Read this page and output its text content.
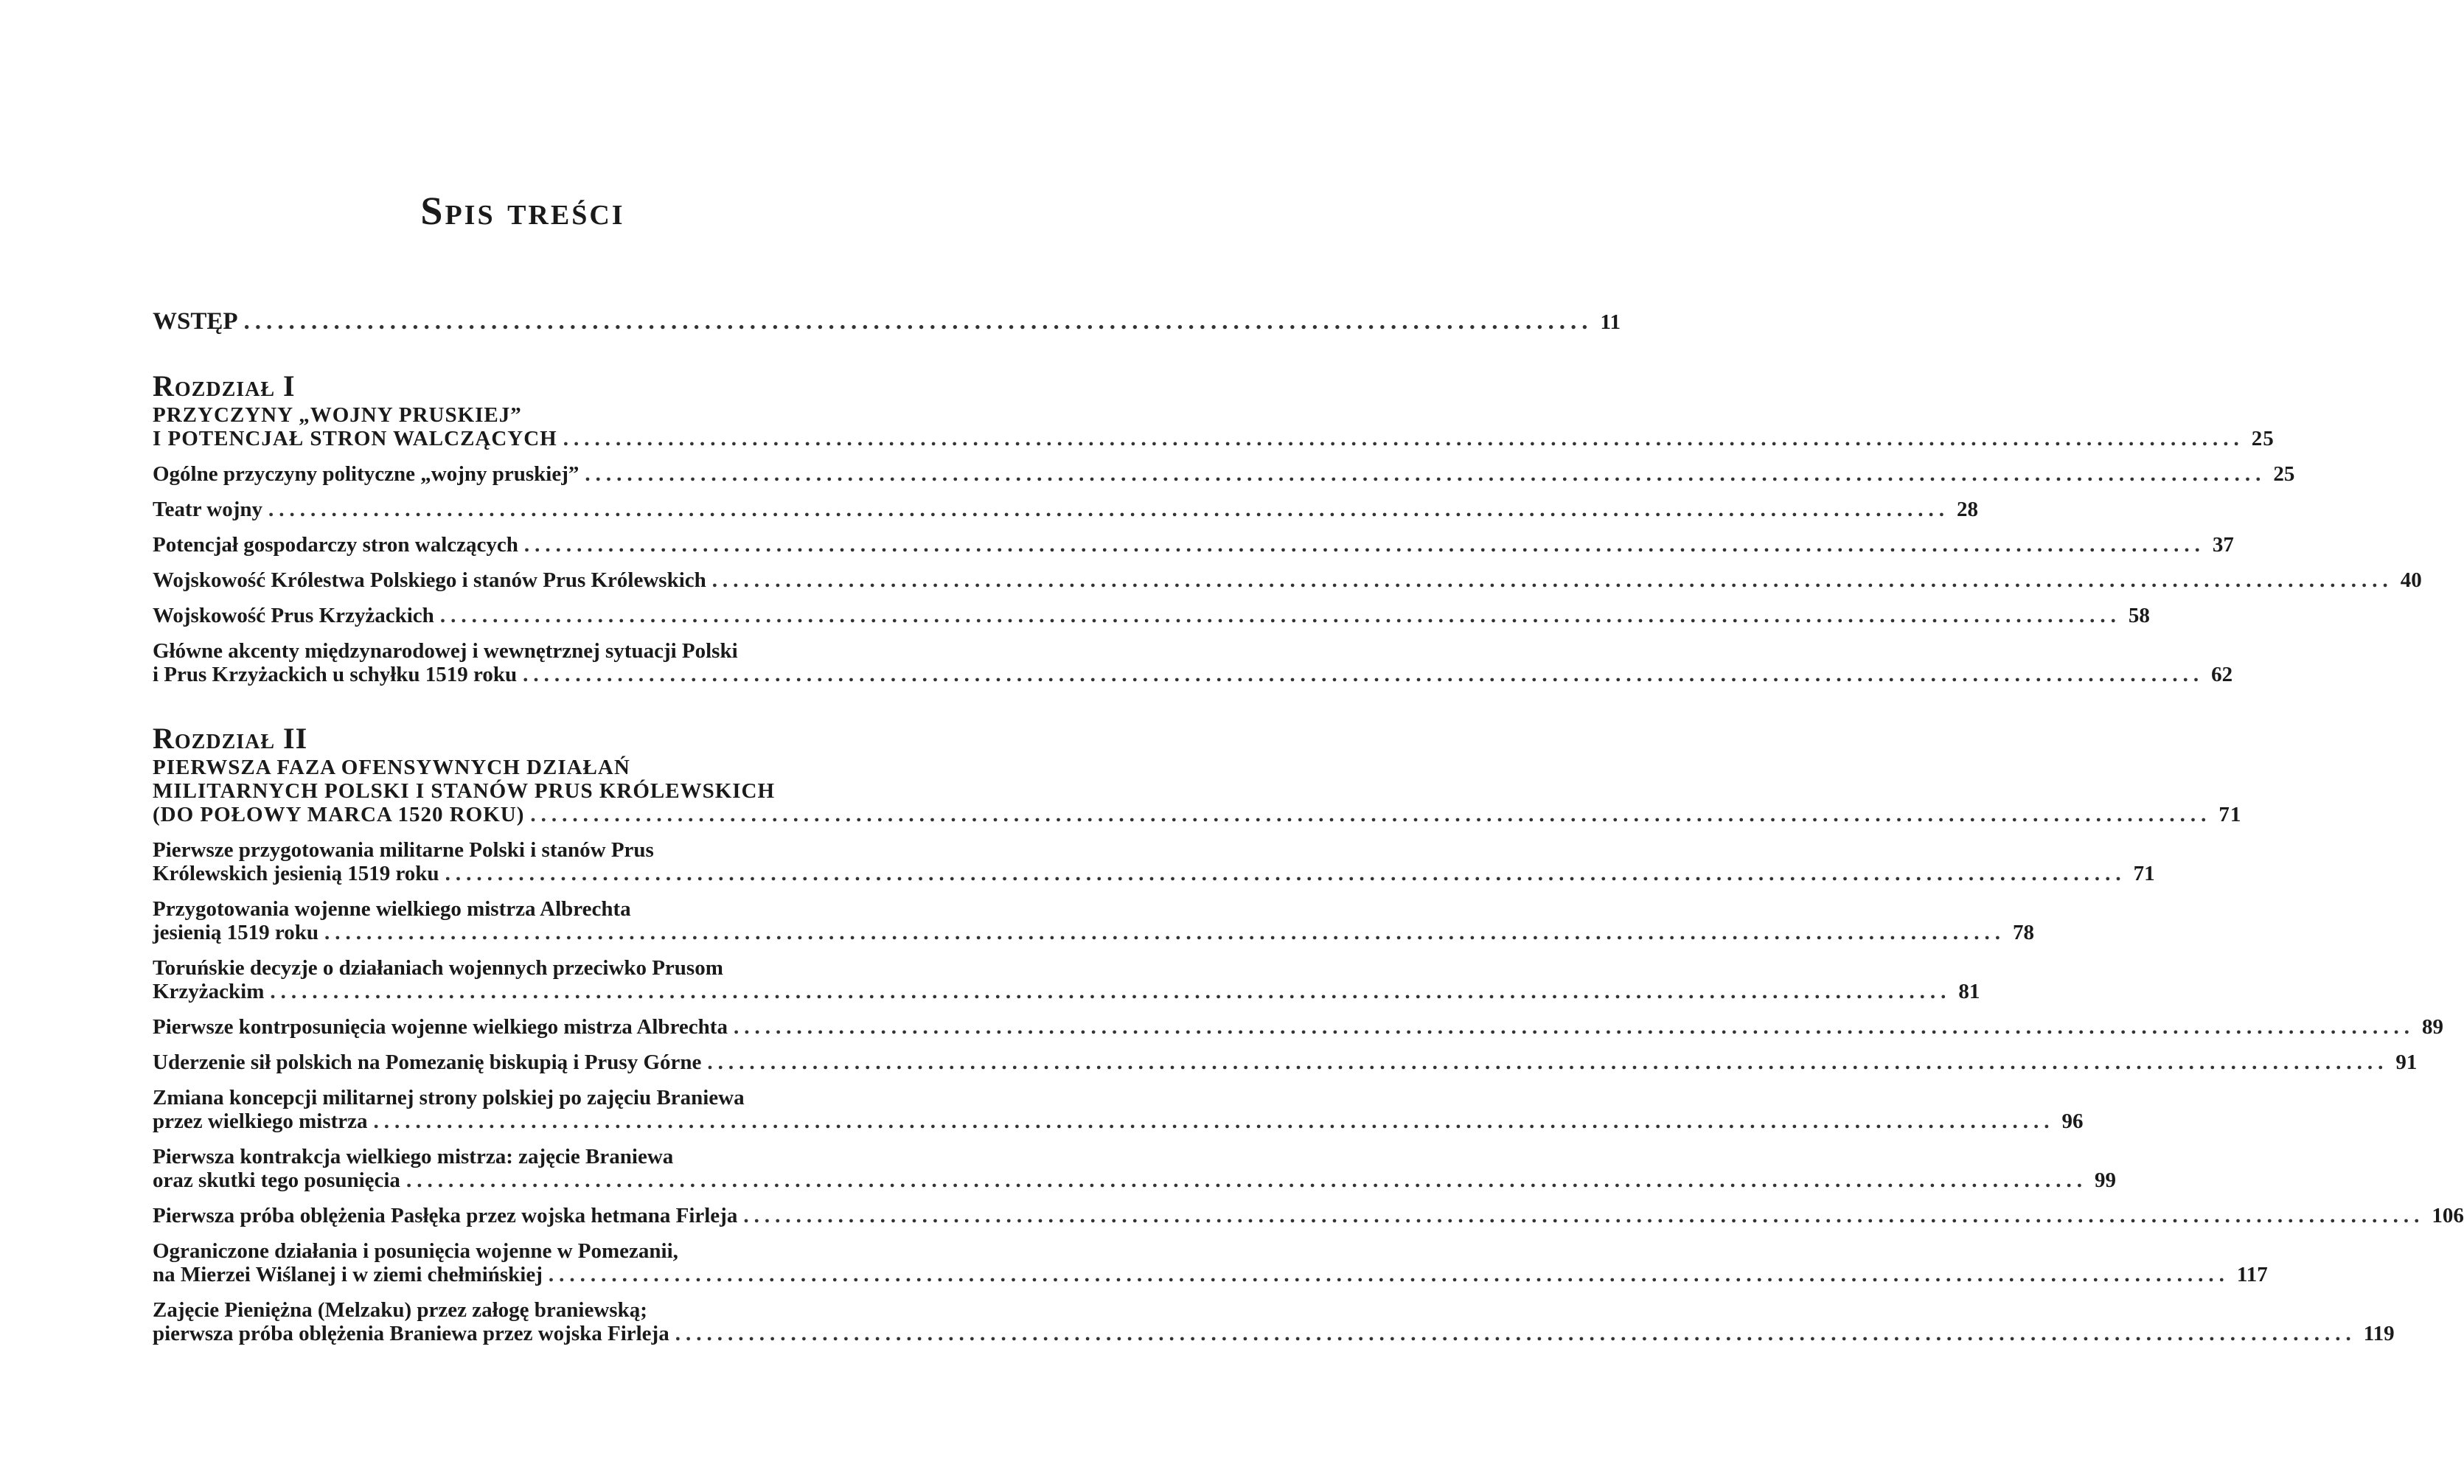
Spis treści
WSTĘP ........................................................................................................................ 11
Rozdział I
PRZYCZYNY „WOJNY PRUSKIEJ”
I POTENCJAŁ STRON WALCZĄCYCH ................................................................................................................................................................ 25
Ogólne przyczyny polityczne „wojny pruskiej” ................................................................................................................................................................ 25
Teatr wojny ................................................................................................................................................................ 28
Potencjał gospodarczy stron walczących ................................................................................................................................................................ 37
Wojskowość Królestwa Polskiego i stanów Prus Królewskich ................................................................................................................................................................ 40
Wojskowość Prus Krzyżackich ................................................................................................................................................................ 58
Główne akcenty międzynarodowej i wewnętrznej sytuacji Polski
i Prus Krzyżackich u schyłku 1519 roku ................................................................................................................................................................ 62
Rozdział II
PIERWSZA FAZA OFENSYWNYCH DZIAŁAŃ
MILITARNYCH POLSKI I STANÓW PRUS KRÓLEWSKICH
(DO POŁOWY MARCA 1520 ROKU) ................................................................................................................................................................ 71
Pierwsze przygotowania militarne Polski i stanów Prus
Królewskich jesienią 1519 roku ................................................................................................................................................................ 71
Przygotowania wojenne wielkiego mistrza Albrechta
jesienią 1519 roku ................................................................................................................................................................ 78
Toruńskie decyzje o działaniach wojennych przeciwko Prusom
Krzyżackim ................................................................................................................................................................ 81
Pierwsze kontrposunięcia wojenne wielkiego mistrza Albrechta ................................................................................................................................................................ 89
Uderzenie sił polskich na Pomezanię biskupią i Prusy Górne ................................................................................................................................................................ 91
Zmiana koncepcji militarnej strony polskiej po zajęciu Braniewa
przez wielkiego mistrza ................................................................................................................................................................ 96
Pierwsza kontrakcja wielkiego mistrza: zajęcie Braniewa
oraz skutki tego posunięcia ................................................................................................................................................................ 99
Pierwsza próba oblężenia Pasłęka przez wojska hetmana Firleja ................................................................................................................................................................ 106
Ograniczone działania i posunięcia wojenne w Pomezanii,
na Mierzei Wiślanej i w ziemi chełmińskiej ................................................................................................................................................................ 117
Zajęcie Pieniężna (Melzaku) przez załogę braniewską;
pierwsza próba oblężenia Braniewa przez wojska Firleja ................................................................................................................................................................ 119
